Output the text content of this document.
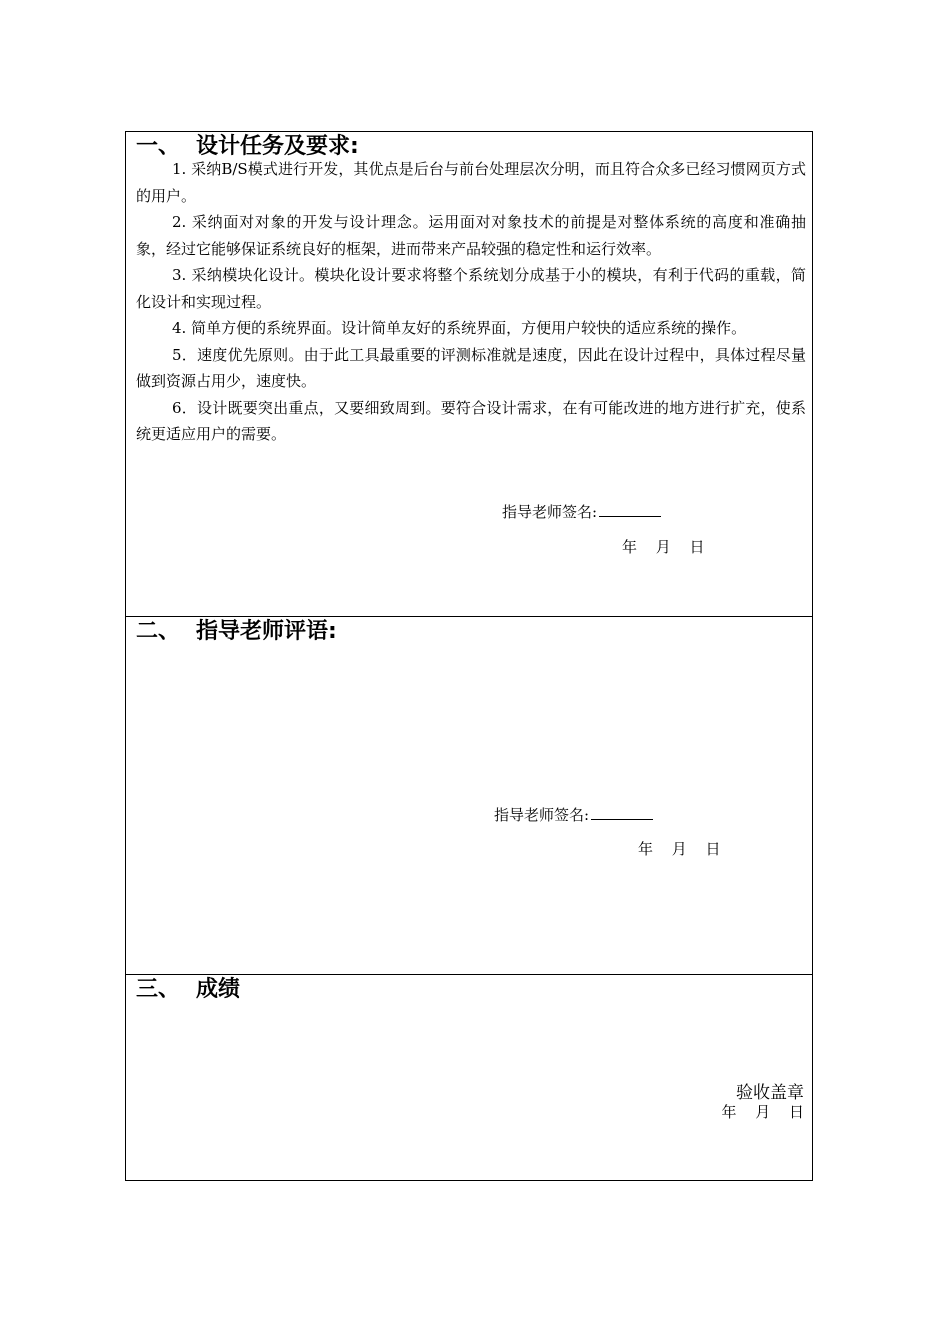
一、 设计任务及要求:

1. 采纳B/S模式进行开发，其优点是后台与前台处理层次分明，而且符合众多已经习惯网页方式的用户。

2. 采纳面对对象的开发与设计理念。运用面对对象技术的前提是对整体系统的高度和准确抽象，经过它能够保证系统良好的框架，进而带来产品较强的稳定性和运行效率。

3. 采纳模块化设计。模块化设计要求将整个系统划分成基于小的模块，有利于代码的重载，简化设计和实现过程。

4. 简单方便的系统界面。设计简单友好的系统界面，方便用户较快的适应系统的操作。

5．速度优先原则。由于此工具最重要的评测标准就是速度，因此在设计过程中，具体过程尽量做到资源占用少，速度快。

6．设计既要突出重点，又要细致周到。要符合设计需求，在有可能改进的地方进行扩充，使系统更适应用户的需要。

指导老师签名:
年 月 日
二、 指导老师评语:
指导老师签名:
年 月 日
三、 成绩
验收盖章
年 月 日
